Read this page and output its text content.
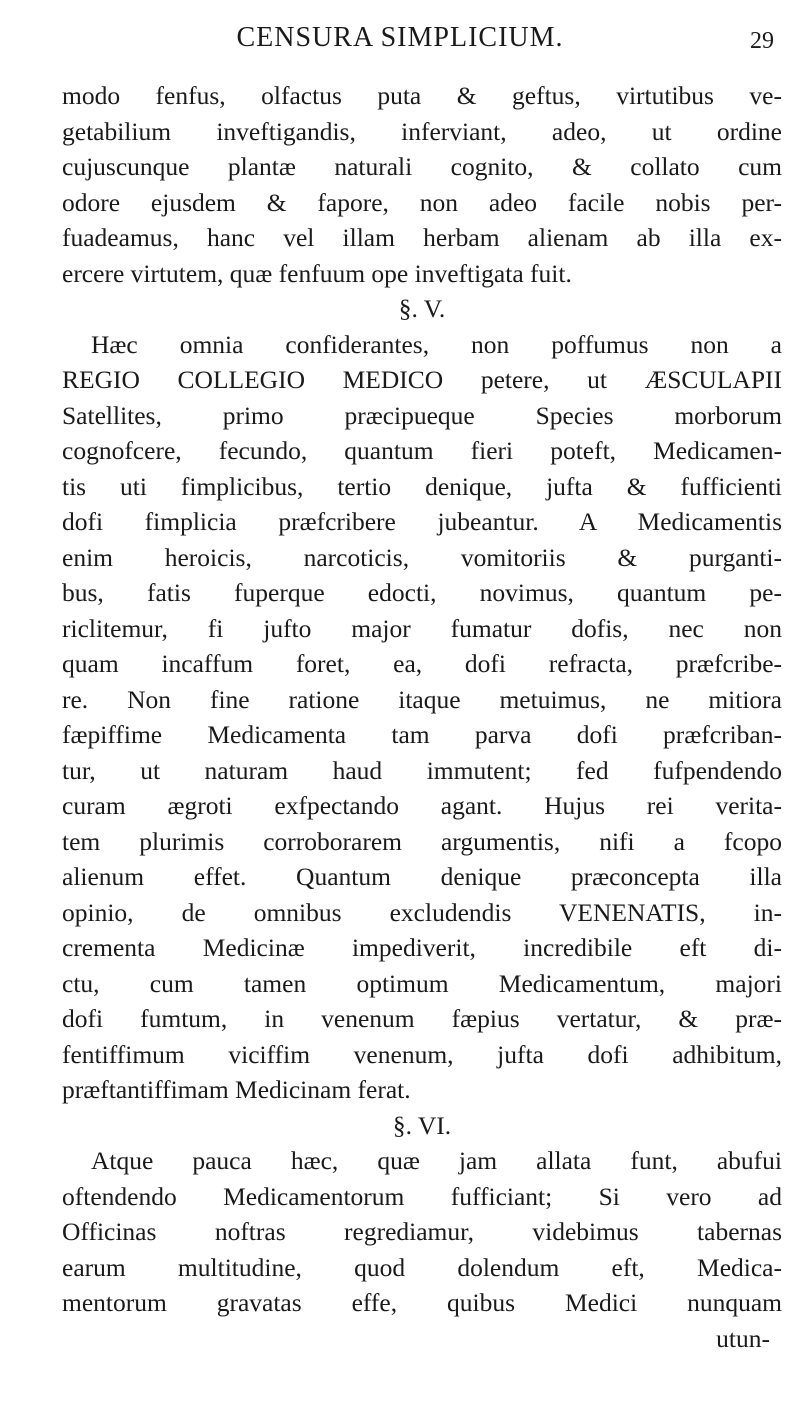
CENSURA SIMPLICIUM.	29
modo fenfus, olfactus puta & geftus, virtutibus ve-
getabilium inveftigandis, inferviant, adeo, ut ordine
cujuscunque plantæ naturali cognito, & collato cum
odore ejusdem & fapore, non adeo facile nobis per-
fuadeamus, hanc vel illam herbam alienam ab illa ex-
ercere virtutem, quæ fenfuum ope inveftigata fuit.
§. V.
Hæc omnia confiderantes, non poffumus non a
REGIO COLLEGIO MEDICO petere, ut ÆSCULAPII
Satellites, primo præcipueque Species morborum
cognofcere, fecundo, quantum fieri poteft, Medicamen-
tis uti fimplicibus, tertio denique, jufta & fufficienti
dofi fimplicia præfcribere jubeantur. A Medicamentis
enim heroicis, narcoticis, vomitoriis & purganti-
bus, fatis fuperque edocti, novimus, quantum pe-
riclitemur, fi jufto major fumatur dofis, nec non
quam incaffum foret, ea, dofi refracta, præfcribe-
re. Non fine ratione itaque metuimus, ne mitiora
fæpiffime Medicamenta tam parva dofi præfcriban-
tur, ut naturam haud immutent; fed fufpendendo
curam ægroti exfpectando agant. Hujus rei verita-
tem plurimis corroborarem argumentis, nifi a fcopo
alienum effet. Quantum denique præconcepta illa
opinio, de omnibus excludendis VENENATIS, in-
crementa Medicinæ impediverit, incredibile eft di-
ctu, cum tamen optimum Medicamentum, majori
dofi fumtum, in venenum fæpius vertatur, & præ-
fentiffimum viciffim venenum, jufta dofi adhibitum,
præftantiffimam Medicinam ferat.
§. VI.
Atque pauca hæc, quæ jam allata funt, abufui
oftendendo Medicamentorum fufficiant; Si vero ad
Officinas noftras regrediamur, videbimus tabernas
earum multitudine, quod dolendum eft, Medica-
mentorum gravatas effe, quibus Medici nunquam
utun-
